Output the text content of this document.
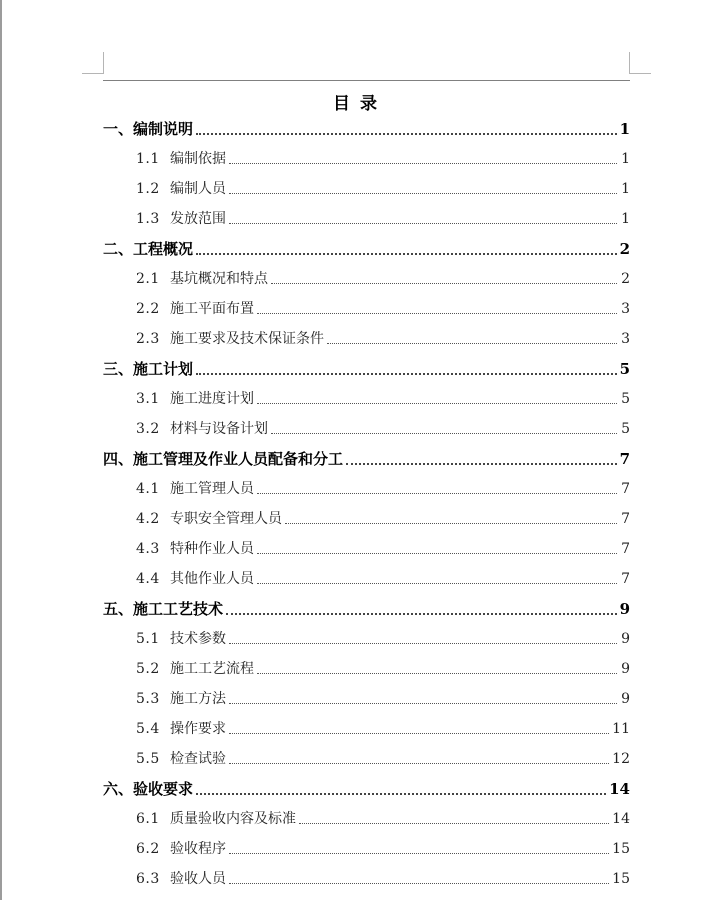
目录
一、 编制说明	1
1.1 编制依据	1
1.2 编制人员	1
1.3 发放范围	1
二、 工程概况	2
2.1 基坑概况和特点	2
2.2 施工平面布置	3
2.3 施工要求及技术保证条件	3
三、 施工计划	5
3.1 施工进度计划	5
3.2 材料与设备计划	5
四、 施工管理及作业人员配备和分工	7
4.1 施工管理人员	7
4.2 专职安全管理人员	7
4.3 特种作业人员	7
4.4 其他作业人员	7
五、 施工工艺技术	9
5.1 技术参数	9
5.2 施工工艺流程	9
5.3 施工方法	9
5.4 操作要求	11
5.5 检查试验	12
六、 验收要求	14
6.1 质量验收内容及标准	14
6.2 验收程序	15
6.3 验收人员	15
